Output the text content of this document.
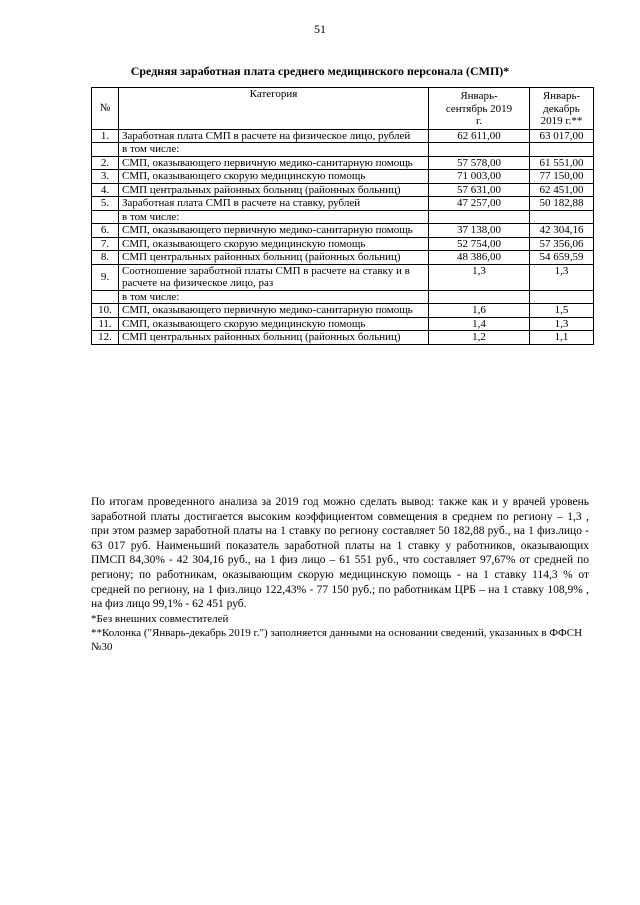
51
Средняя заработная плата среднего медицинского персонала (СМП)*
№	Категория	Январь-сентябрь 2019 г.	Январь-декабрь 2019 г.**
1.	Заработная плата СМП в расчете на физическое лицо, рублей	62 611,00	63 017,00
	в том числе:		
2.	СМП, оказывающего первичную медико-санитарную помощь	57 578,00	61 551,00
3.	СМП, оказывающего скорую медицинскую помощь	71 003,00	77 150,00
4.	СМП центральных районных больниц (районных больниц)	57 631,00	62 451,00
5.	Заработная плата СМП в расчете на ставку, рублей	47 257,00	50 182,88
	в том числе:		
6.	СМП, оказывающего первичную медико-санитарную помощь	37 138,00	42 304,16
7.	СМП, оказывающего скорую медицинскую помощь	52 754,00	57 356,06
8.	СМП центральных районных больниц (районных больниц)	48 386,00	54 659,59
9.	Соотношение заработной платы СМП в расчете на ставку и в расчете на физическое лицо, раз	1,3	1,3
	в том числе:		
10.	СМП, оказывающего первичную медико-санитарную помощь	1,6	1,5
11.	СМП, оказывающего скорую медицинскую помощь	1,4	1,3
12.	СМП центральных районных больниц (районных больниц)	1,2	1,1

По итогам проведенного анализа за 2019 год можно сделать вывод: также как и у врачей уровень заработной платы достигается высоким коэффициентом совмещения в среднем по региону – 1,3 , при этом размер заработной платы на 1 ставку по региону составляет 50 182,88 руб., на 1 физ.лицо - 63 017 руб. Наименьший показатель заработной платы на 1 ставку у работников, оказывающих ПМСП 84,30% - 42 304,16 руб., на 1 физ лицо – 61 551 руб., что составляет 97,67% от средней по региону; по работникам, оказывающим скорую медицинскую помощь - на 1 ставку 114,3 % от средней по региону, на 1 физ.лицо 122,43% - 77 150 руб.; по работникам ЦРБ – на 1 ставку 108,9% , на физ лицо 99,1% - 62 451 руб.

*Без внешних совместителей

**Колонка ("Январь-декабрь 2019 г.") заполняется данными на основании сведений, указанных в ФФСН №30
